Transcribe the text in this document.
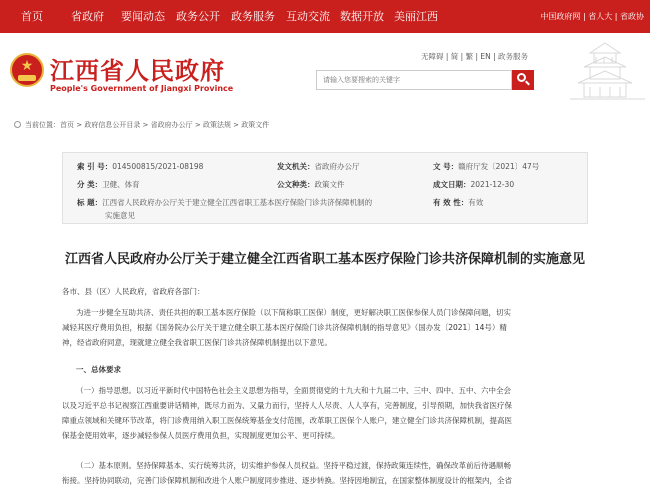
首页	省政府 要闻动态 政务公开 政务服务 互动交流 数据开放 美丽江西	中国政府网 | 省人大 | 省政协
★ 江西省人民政府
People's Government of Jiangxi Province
无障碍 | 简 | 繁 | EN | 政务服务
请输入您要搜索的关键字
当前位置：首页 > 政府信息公开目录 > 省政府办公厅 > 政策法规 > 政策文件
索 引 号：014500815/2021-08198	发文机关：省政府办公厅	文 号：赣府厅发〔2021〕47号
分 类：卫健、体育	公文种类：政策文件	成文日期：2021-12-30
标 题：江西省人民政府办公厅关于建立健全江西省职工基本医疗保险门诊共济保障机制的
实施意见
有 效 性：有效
江西省人民政府办公厅关于建立健全江西省职工基本医疗保险门诊共济保障机制的实施意见
各市、县（区）人民政府，省政府各部门：
为进一步健全互助共济、责任共担的职工基本医疗保险（以下简称职工医保）制度，更好解决职工医保参保人员门诊保障问题，切实
减轻其医疗费用负担，根据《国务院办公厅关于建立健全职工基本医疗保险门诊共济保障机制的指导意见》（国办发〔2021〕14号）精
神，经省政府同意，现就建立健全我省职工医保门诊共济保障机制提出以下意见。
一、总体要求
（一）指导思想。以习近平新时代中国特色社会主义思想为指导，全面贯彻党的十九大和十九届二中、三中、四中、五中、六中全会
以及习近平总书记视察江西重要讲话精神，既尽力而为、又量力而行，坚持人人尽责、人人享有，完善制度，引导预期，加快我省医疗保
障重点领域和关键环节改革，将门诊费用纳入职工医保统筹基金支付范围，改革职工医保个人账户，建立健全门诊共济保障机制，提高医
保基金使用效率，逐步减轻参保人员医疗费用负担，实现制度更加公平、更可持续。
（二）基本原则。坚持保障基本、实行统筹共济，切实维护参保人员权益。坚持平稳过渡，保持政策连续性，确保改革前后待遇顺畅
衔接。坚持协同联动，完善门诊保障机制和改进个人账户制度同步推进、逐步转换。坚持因地制宜，在国家整体制度设计的框架内，全省
